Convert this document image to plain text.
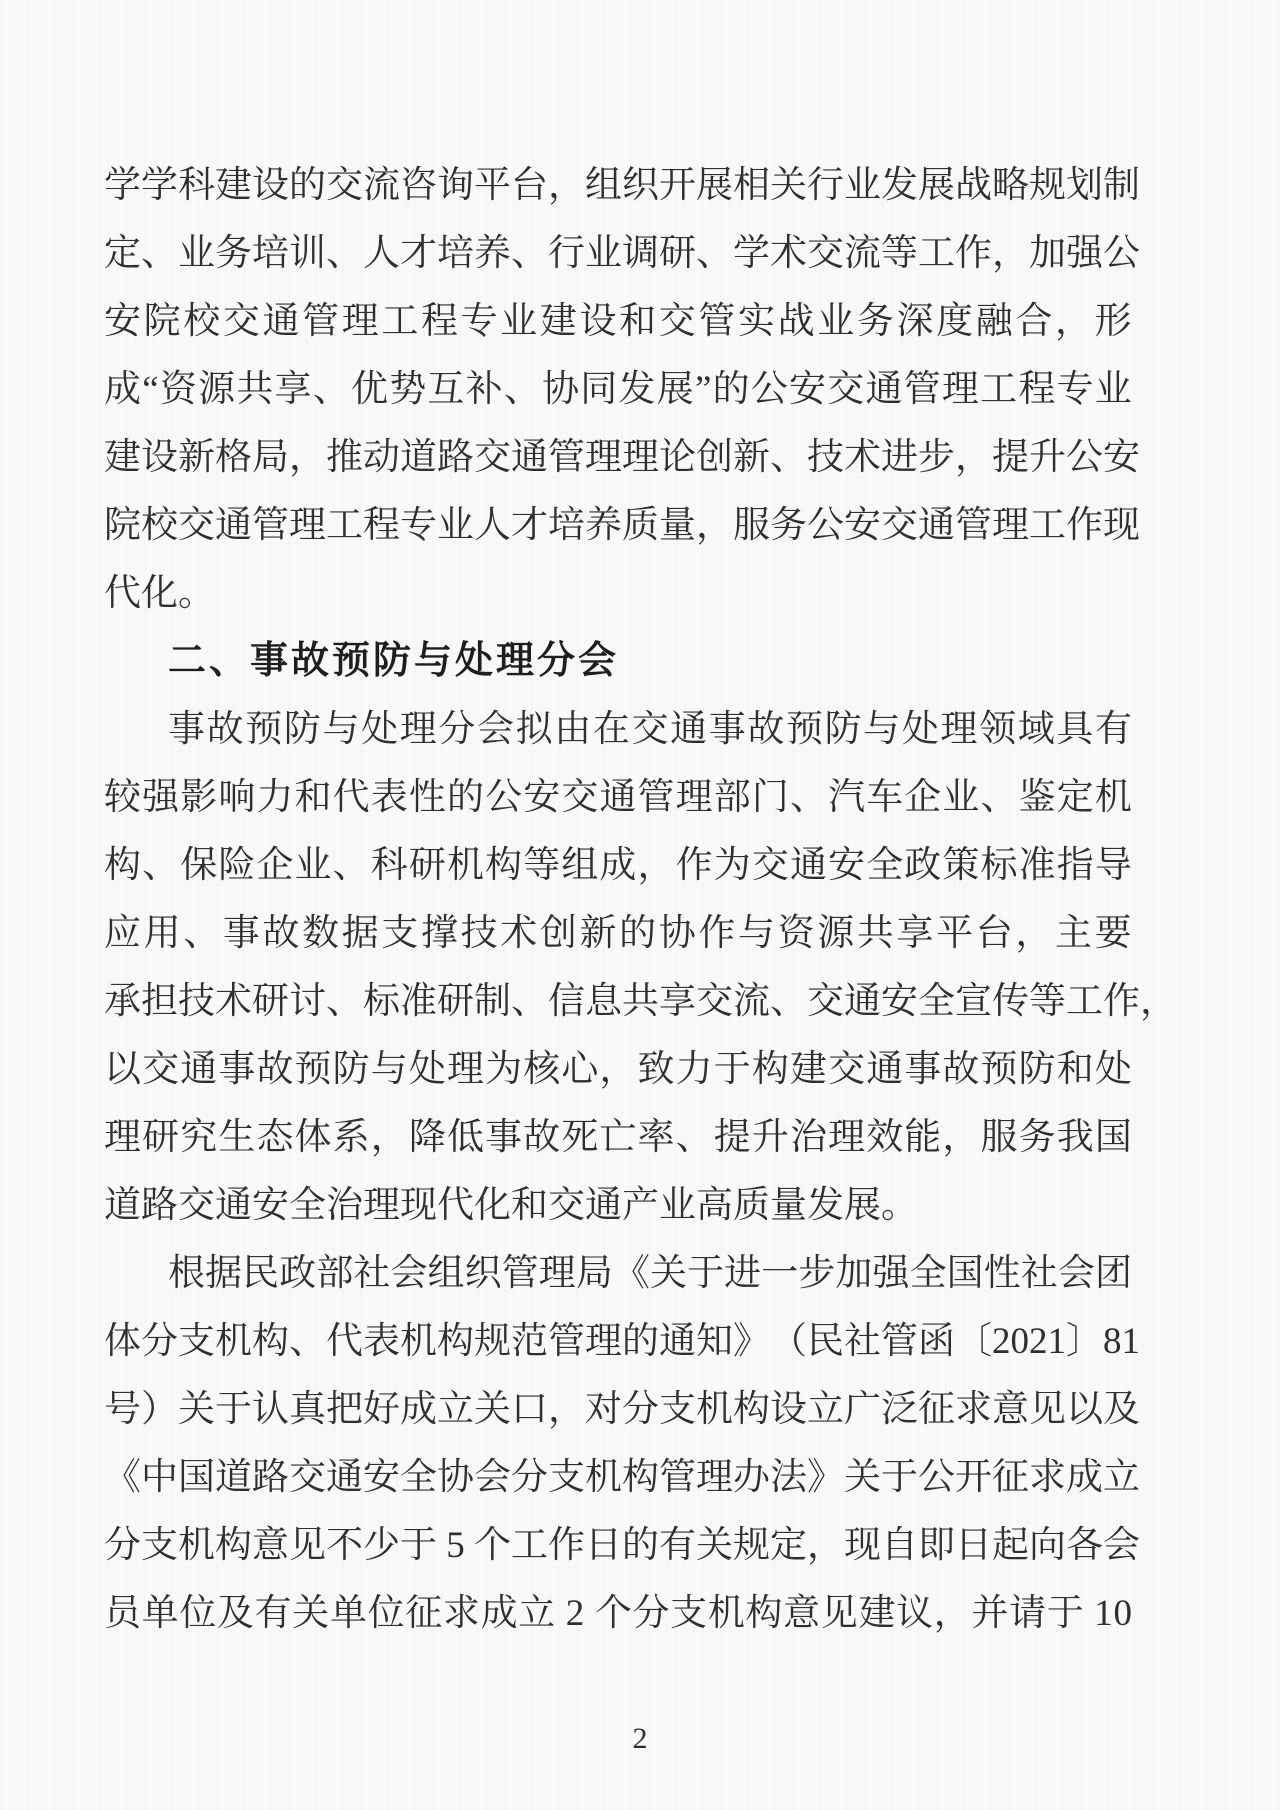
学 学 科 建 设 的 交 流 咨 询 平 台 ， 组 织 开 展 相 关 行 业 发 展 战 略 规 划 制
定 、 业 务 培 训 、 人 才 培 养 、 行 业 调 研 、 学 术 交 流 等 工 作 ， 加 强 公
安 院 校 交 通 管 理 工 程 专 业 建 设 和 交 管 实 战 业 务 深 度 融 合 ， 形
成 “ 资 源 共 享 、 优 势 互 补 、 协 同 发 展 ” 的 公 安 交 通 管 理 工 程 专 业
建 设 新 格 局 ， 推 动 道 路 交 通 管 理 理 论 创 新 、 技 术 进 步 ， 提 升 公 安
院 校 交 通 管 理 工 程 专 业 人 才 培 养 质 量 ， 服 务 公 安 交 通 管 理 工 作 现
代化。
二、事故预防与处理分会
事 故 预 防 与 处 理 分 会 拟 由 在 交 通 事 故 预 防 与 处 理 领 域 具 有
较 强 影 响 力 和 代 表 性 的 公 安 交 通 管 理 部 门 、 汽 车 企 业 、 鉴 定 机
构 、 保 险 企 业 、 科 研 机 构 等 组 成 ， 作 为 交 通 安 全 政 策 标 准 指 导
应 用 、 事 故 数 据 支 撑 技 术 创 新 的 协 作 与 资 源 共 享 平 台 ， 主 要
承 担 技 术 研 讨 、 标 准 研 制 、 信 息 共 享 交 流 、 交 通 安 全 宣 传 等 工 作 ，
以 交 通 事 故 预 防 与 处 理 为 核 心 ， 致 力 于 构 建 交 通 事 故 预 防 和 处
理 研 究 生 态 体 系 ， 降 低 事 故 死 亡 率 、 提 升 治 理 效 能 ， 服 务 我 国
道路交通安全治理现代化和交通产业高质量发展。
根 据 民 政 部 社 会 组 织 管 理 局 《 关 于 进 一 步 加 强 全 国 性 社 会 团
体 分 支 机 构 、 代 表 机 构 规 范 管 理 的 通 知 》 （ 民 社 管 函 〔 2 0 2 1 〕 8 1
号 ） 关 于 认 真 把 好 成 立 关 口 ， 对 分 支 机 构 设 立 广 泛 征 求 意 见 以 及
《 中 国 道 路 交 通 安 全 协 会 分 支 机 构 管 理 办 法 》 关 于 公 开 征 求 成 立
分 支 机 构 意 见 不 少 于
5
个 工 作 日 的 有 关 规 定 ， 现 自 即 日 起 向 各 会
员 单 位 及 有 关 单 位 征 求 成 立
2
个 分 支 机 构 意 见 建 议 ， 并 请 于
1 0
2
